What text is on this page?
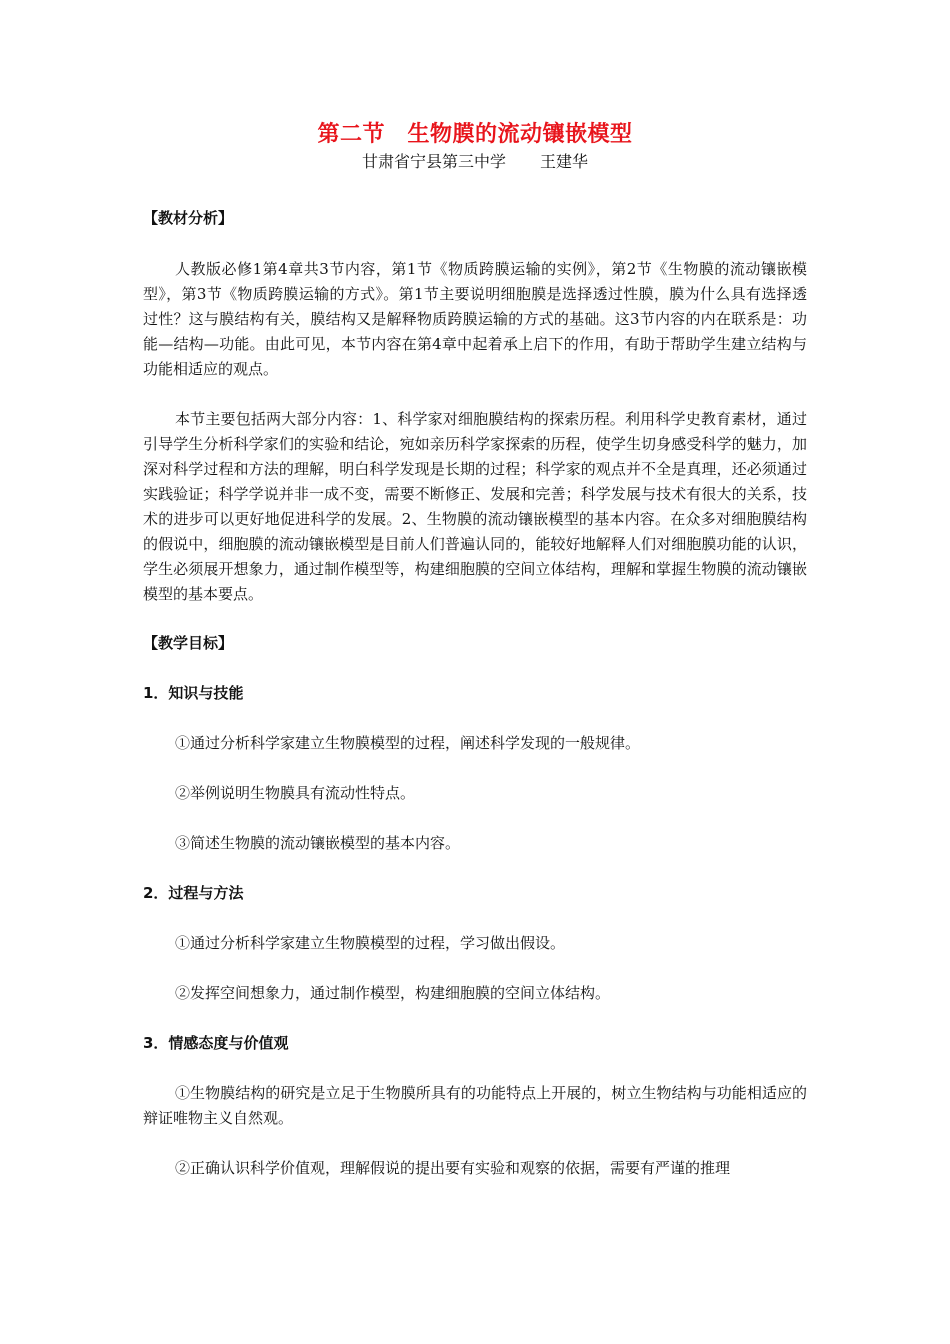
第二节　生物膜的流动镶嵌模型
甘肃省宁县第三中学 王建华

【教材分析】

人教版必修1第4章共3节内容，第1节《物质跨膜运输的实例》，第2节《生物膜的流动镶嵌模型》，第3节《物质跨膜运输的方式》。第1节主要说明细胞膜是选择透过性膜，膜为什么具有选择透过性？这与膜结构有关，膜结构又是解释物质跨膜运输的方式的基础。这3节内容的内在联系是：功能—结构—功能。由此可见，本节内容在第4章中起着承上启下的作用，有助于帮助学生建立结构与功能相适应的观点。

本节主要包括两大部分内容：1、科学家对细胞膜结构的探索历程。利用科学史教育素材，通过引导学生分析科学家们的实验和结论，宛如亲历科学家探索的历程，使学生切身感受科学的魅力，加深对科学过程和方法的理解，明白科学发现是长期的过程；科学家的观点并不全是真理，还必须通过实践验证；科学学说并非一成不变，需要不断修正、发展和完善；科学发展与技术有很大的关系，技术的进步可以更好地促进科学的发展。2、生物膜的流动镶嵌模型的基本内容。在众多对细胞膜结构的假说中，细胞膜的流动镶嵌模型是目前人们普遍认同的，能较好地解释人们对细胞膜功能的认识，学生必须展开想象力，通过制作模型等，构建细胞膜的空间立体结构，理解和掌握生物膜的流动镶嵌模型的基本要点。

【教学目标】

1．知识与技能

①通过分析科学家建立生物膜模型的过程，阐述科学发现的一般规律。

②举例说明生物膜具有流动性特点。

③简述生物膜的流动镶嵌模型的基本内容。

2．过程与方法

①通过分析科学家建立生物膜模型的过程，学习做出假设。

②发挥空间想象力，通过制作模型，构建细胞膜的空间立体结构。

3．情感态度与价值观

①生物膜结构的研究是立足于生物膜所具有的功能特点上开展的，树立生物结构与功能相适应的辩证唯物主义自然观。

②正确认识科学价值观，理解假说的提出要有实验和观察的依据，需要有严谨的推理
